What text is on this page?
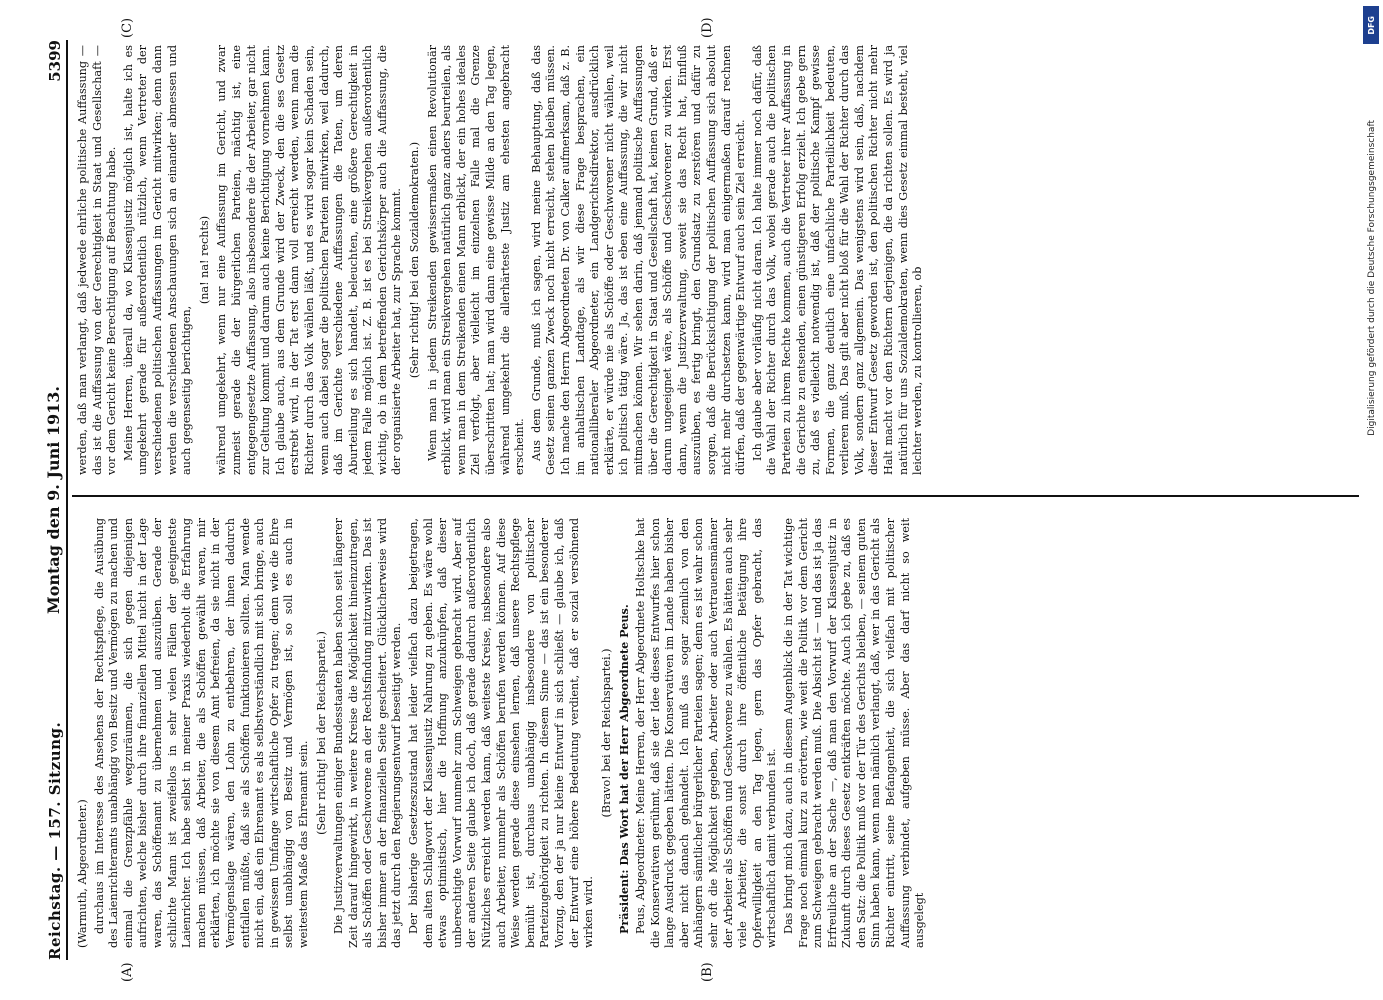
DFG
Digitalisierung gefördert durch die Deutsche Forschungsgemeinschaft
Reichstag. — 157. Sitzung.
Montag den 9. Juni 1913.
5399
(A)	(B)
(C)	(D)

(Warmuth, Abgeordneter.) durchaus im Interesse des Ansehens der Rechtspflege, die Ausübung des Laienrichteramts unabhängig von Besitz und Vermögen zu machen und einmal die Grenzpfähle wegzuräumen, die sich gegen diejenigen aufrichten, welche bisher durch ihre finanziellen Mittel nicht in der Lage waren, das Schöffenamt zu übernehmen und auszuüben. Gerade der schlichte Mann ist zweifellos in sehr vielen Fällen der geeignetste Laienrichter. Ich habe selbst in meiner Praxis wiederholt die Erfahrung machen müssen, daß Arbeiter, die als Schöffen gewählt waren, mir erklärten, ich möchte sie von diesem Amt befreien, da sie nicht in der Vermögenslage wären, den Lohn zu entbehren, der ihnen dadurch entfallen müßte, daß sie als Schöffen funktionieren sollten. Man wende nicht ein, daß ein Ehrenamt es als selbstverständlich mit sich bringe, auch in gewissem Umfange wirtschaftliche Opfer zu tragen; denn wie die Ehre selbst unabhängig von Besitz und Vermögen ist, so soll es auch in weitestem Maße das Ehrenamt sein.

(Sehr richtig! bei der Reichspartei.) Die Justizverwaltungen einiger Bundesstaaten haben schon seit längerer Zeit darauf hingewirkt, in weitere Kreise die Möglichkeit hineinzutragen, als Schöffen oder Geschworene an der Rechtsfindung mitzuwirken. Das ist bisher immer an der finanziellen Seite gescheitert. Glücklicherweise wird das jetzt durch den Regierungsentwurf beseitigt werden. Der bisherige Gesetzeszustand hat leider vielfach dazu beigetragen, dem alten Schlagwort der Klassenjustiz Nahrung zu geben. Es wäre wohl etwas optimistisch, hier die Hoffnung anzuknüpfen, daß dieser unberechtigte Vorwurf nunmehr zum Schweigen gebracht wird. Aber auf der anderen Seite glaube ich doch, daß gerade dadurch außerordentlich Nützliches erreicht werden kann, daß weitestе Kreise, insbesondere also auch Arbeiter, nunmehr als Schöffen berufen werden können. Auf diese Weise werden gerade diese einsehen lernen, daß unsere Rechtspflege bemüht ist, durchaus unabhängig insbesondere von politischer Parteizugehörigkeit zu richten. In diesem Sinne — das ist ein besonderer Vorzug, den der ja nur kleine Entwurf in sich schließt — glaube ich, daß der Entwurf eine höhere Bedeutung verdient, daß er sozial versöhnend wirken wird.

(Bravo! bei der Reichspartei.) Präsident: Das Wort hat der Herr Abgeordnete Peus. Peus, Abgeordneter: Meine Herren, der Herr Abgeordnete Holtschke hat die Konservativen gerühmt, daß sie der Idee dieses Entwurfes hier schon lange Ausdruck gegeben hätten. Die Konservativen im Lande haben bisher aber nicht danach gehandelt. Ich muß das sogar ziemlich von den Anhängern sämtlicher bürgerlicher Parteien sagen; denn es ist wahr schon sehr oft die Möglichkeit gegeben, Arbeiter oder auch Vertrauensmänner der Arbeiter als Schöffen und Geschworene zu wählen. Es hätten auch sehr viele Arbeiter, die sonst durch ihre öffentliche Betätigung ihre Opferwilligkeit an den Tag legen, gern das Opfer gebracht, das wirtschaftlich damit verbunden ist. Das bringt mich dazu, auch in diesem Augenblick die in der Tat wichtige Frage noch einmal kurz zu erörtern, wie weit die Politik vor dem Gericht zum Schweigen gebracht werden muß. Die Absicht ist — und das ist ja das Erfreuliche an der Sache —, daß man den Vorwurf der Klassenjustiz in Zukunft durch dieses Gesetz entkräften möchte. Auch ich gebe zu, daß es den Satz: die Politik muß vor der Tür des Gerichts bleiben, — seinem guten Sinn haben kann, wenn man nämlich verlangt, daß, wer in das Gericht als Richter eintritt, seine Befangenheit, die sich vielfach mit politischer Auffassung verbindet, aufgeben müsse. Aber das darf nicht so weit ausgelegt

werden, daß man verlangt, daß jedwede ehrliche politische Auffassung — das ist die Auffassung von der Gerechtigkeit in Staat und Gesellschaft — vor dem Gericht keine Berechtigung auf Beachtung habe. Meine Herren, überall da, wo Klassenjustiz möglich ist, halte ich es umgekehrt gerade für außerordentlich nützlich, wenn Vertreter der verschiedenen politischen Auffassungen im Gericht mitwirken; denn dann werden die verschiedenen Anschauungen sich an einander abmessen und auch gegenseitig berichtigen,

(na! na! rechts) während umgekehrt, wenn nur eine Auffassung im Gericht, und zwar zumeist gerade die der bürgerlichen Parteien, mächtig ist, eine entgegengesetzte Auffassung, also insbesondere die der Arbeiter, gar nicht zur Geltung kommt und darum auch keine Berichtigung vornehmen kann. Ich glaube auch, aus dem Grunde wird der Zweck, den die ses Gesetz erstrebt wird, in der Tat erst dann voll erreicht werden, wenn man die Richter durch das Volk wählen läßt, und es wird sogar kein Schaden sein, wenn auch dabei sogar die politischen Parteien mitwirken, weil dadurch, daß im Gerichte verschiedene Auffassungen die Taten, um deren Aburteilung es sich handelt, beleuchten, eine größere Gerechtigkeit in jedem Falle möglich ist. Z. B. ist es bei Streikvergehen außerordentlich wichtig, ob in dem betreffenden Gerichtskörper auch die Auffassung, die der organisierte Arbeiter hat, zur Sprache kommt. (Sehr richtig! bei den Sozialdemokraten.) Wenn man in jedem Streikenden gewissermaßen einen Revolutionär erblickt, wird man ein Streikvergehen natürlich ganz anders beurteilen, als wenn man in dem Streikenden einen Mann erblickt, der ein hohes ideales Ziel verfolgt, aber vielleicht im einzelnen Falle mal die Grenze überschritten hat; man wird dann eine gewisse Milde an den Tag legen, während umgekehrt die allerhärteste Justiz am ehesten angebracht erscheint. Aus dem Grunde, muß ich sagen, wird meine Behauptung, daß das Gesetz seinen ganzen Zweck noch nicht erreicht, stehen bleiben müssen. Ich mache den Herrn Abgeordneten Dr. von Calker aufmerksam, daß z. B. im anhaltischen Landtage, als wir diese Frage besprachen, ein nationalliberaler Abgeordneter, ein Landgerichtsdirektor, ausdrücklich erklärte, er würde nie als Schöffe oder Geschworener nicht wählen, weil ich politisch tätig wäre. Ja, das ist eben eine Auffassung, die wir nicht mitmachen können. Wir sehen darin, daß jemand politische Auffassungen über die Gerechtigkeit in Staat und Gesellschaft hat, keinen Grund, daß er darum ungeeignet wäre, als Schöffe und Geschworener zu wirken. Erst dann, wenn die Justizverwaltung, soweit sie das Recht hat, Einfluß auszuüben, es fertig bringt, den Grundsatz zu zerstören und dafür zu sorgen, daß die Berücksichtigung der politischen Auffassung sich absolut nicht mehr durchsetzen kann, wird man einigermaßen darauf rechnen dürfen, daß der gegenwärtige Entwurf auch sein Ziel erreicht. Ich glaube aber vorläufig nicht daran. Ich halte immer noch dafür, daß die Wahl der Richter durch das Volk, wobei gerade auch die politischen Parteien zu ihrem Rechte kommen, auch die Vertreter ihrer Auffassung in die Gerichte zu entsenden, einen günstigeren Erfolg erzielt. Ich gebe gern zu, daß es vielleicht notwendig ist, daß der politische Kampf gewisse Formen, die ganz deutlich eine unfachliche Parteilichkeit bedeuten, verlieren muß. Das gilt aber nicht bloß für die Wahl der Richter durch das Volk, sondern ganz allgemein. Das wenigstens wird sein, daß, nachdem dieser Entwurf Gesetz geworden ist, den politischen Richter nicht mehr Halt macht vor den Richtern derjenigen, die da richten sollen. Es wird ja natürlich für uns Sozialdemokraten, wenn dies Gesetz einmal besteht, viel leichter werden, zu kontrollieren, ob
